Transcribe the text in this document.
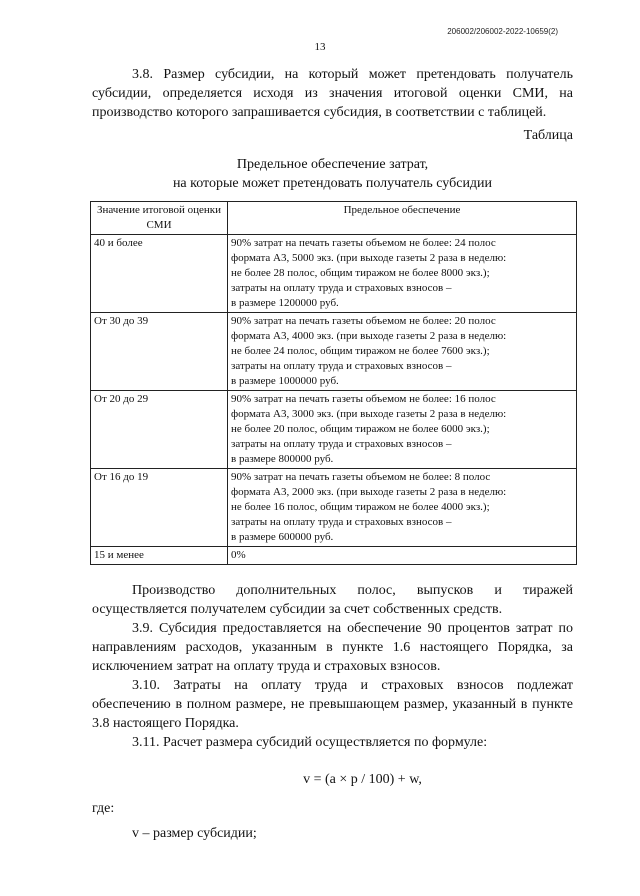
206002/206002-2022-10659(2)
13

3.8. Размер субсидии, на который может претендовать получатель субсидии, определяется исходя из значения итоговой оценки СМИ, на производство которого запрашивается субсидия, в соответствии с таблицей.

Таблица

Предельное обеспечение затрат,
на которые может претендовать получатель субсидии
Значение итоговой оценки СМИ	Предельное обеспечение
40 и более	90% затрат на печать газеты объемом не более: 24 полос
формата А3, 5000 экз. (при выходе газеты 2 раза в неделю:
не более 28 полос, общим тиражом не более 8000 экз.);
затраты на оплату труда и страховых взносов –
в размере 1200000 руб.

От 30 до 39	90% затрат на печать газеты объемом не более: 20 полос
формата А3, 4000 экз. (при выходе газеты 2 раза в неделю:
не более 24 полос, общим тиражом не более 7600 экз.);
затраты на оплату труда и страховых взносов –
в размере 1000000 руб.

От 20 до 29	90% затрат на печать газеты объемом не более: 16 полос
формата А3, 3000 экз. (при выходе газеты 2 раза в неделю:
не более 20 полос, общим тиражом не более 6000 экз.);
затраты на оплату труда и страховых взносов –
в размере 800000 руб.

От 16 до 19	90% затрат на печать газеты объемом не более: 8 полос
формата А3, 2000 экз. (при выходе газеты 2 раза в неделю:
не более 16 полос, общим тиражом не более 4000 экз.);
затраты на оплату труда и страховых взносов –
в размере 600000 руб.

15 и менее	0%

Производство дополнительных полос, выпусков и тиражей осуществляется получателем субсидии за счет собственных средств.

3.9. Субсидия предоставляется на обеспечение 90 процентов затрат по направлениям расходов, указанным в пункте 1.6 настоящего Порядка, за исключением затрат на оплату труда и страховых взносов.

3.10. Затраты на оплату труда и страховых взносов подлежат обеспечению в полном размере, не превышающем размер, указанный в пункте 3.8 настоящего Порядка.

3.11. Расчет размера субсидий осуществляется по формуле:

v = (a × p / 100) + w,

где:

v – размер субсидии;
